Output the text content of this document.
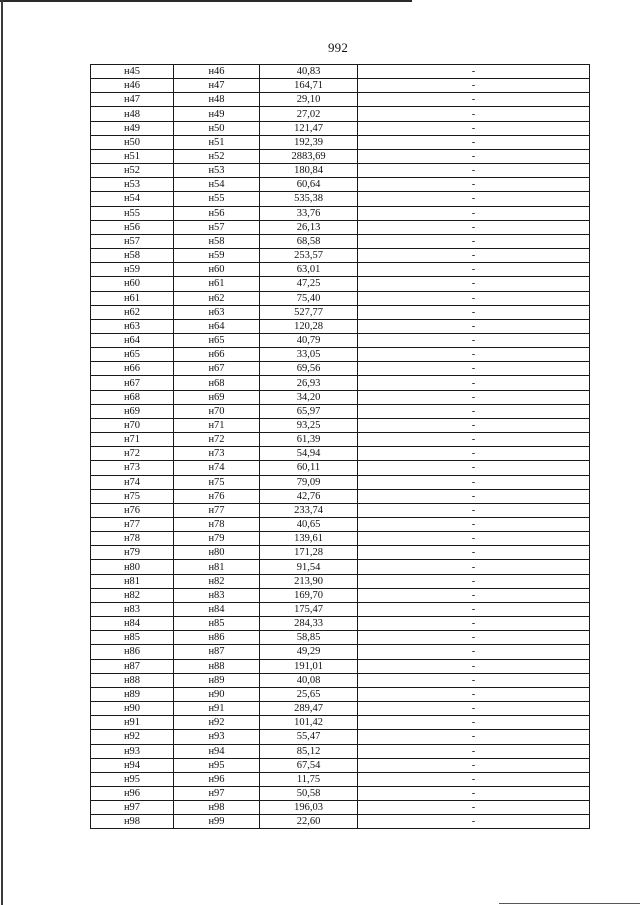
992
н45	н46	40,83	-
н46	н47	164,71	-
н47	н48	29,10	-
н48	н49	27,02	-
н49	н50	121,47	-
н50	н51	192,39	-
н51	н52	2883,69	-
н52	н53	180,84	-
н53	н54	60,64	-
н54	н55	535,38	-
н55	н56	33,76	-
н56	н57	26,13	-
н57	н58	68,58	-
н58	н59	253,57	-
н59	н60	63,01	-
н60	н61	47,25	-
н61	н62	75,40	-
н62	н63	527,77	-
н63	н64	120,28	-
н64	н65	40,79	-
н65	н66	33,05	-
н66	н67	69,56	-
н67	н68	26,93	-
н68	н69	34,20	-
н69	н70	65,97	-
н70	н71	93,25	-
н71	н72	61,39	-
н72	н73	54,94	-
н73	н74	60,11	-
н74	н75	79,09	-
н75	н76	42,76	-
н76	н77	233,74	-
н77	н78	40,65	-
н78	н79	139,61	-
н79	н80	171,28	-
н80	н81	91,54	-
н81	н82	213,90	-
н82	н83	169,70	-
н83	н84	175,47	-
н84	н85	284,33	-
н85	н86	58,85	-
н86	н87	49,29	-
н87	н88	191,01	-
н88	н89	40,08	-
н89	н90	25,65	-
н90	н91	289,47	-
н91	н92	101,42	-
н92	н93	55,47	-
н93	н94	85,12	-
н94	н95	67,54	-
н95	н96	11,75	-
н96	н97	50,58	-
н97	н98	196,03	-
н98	н99	22,60	-
